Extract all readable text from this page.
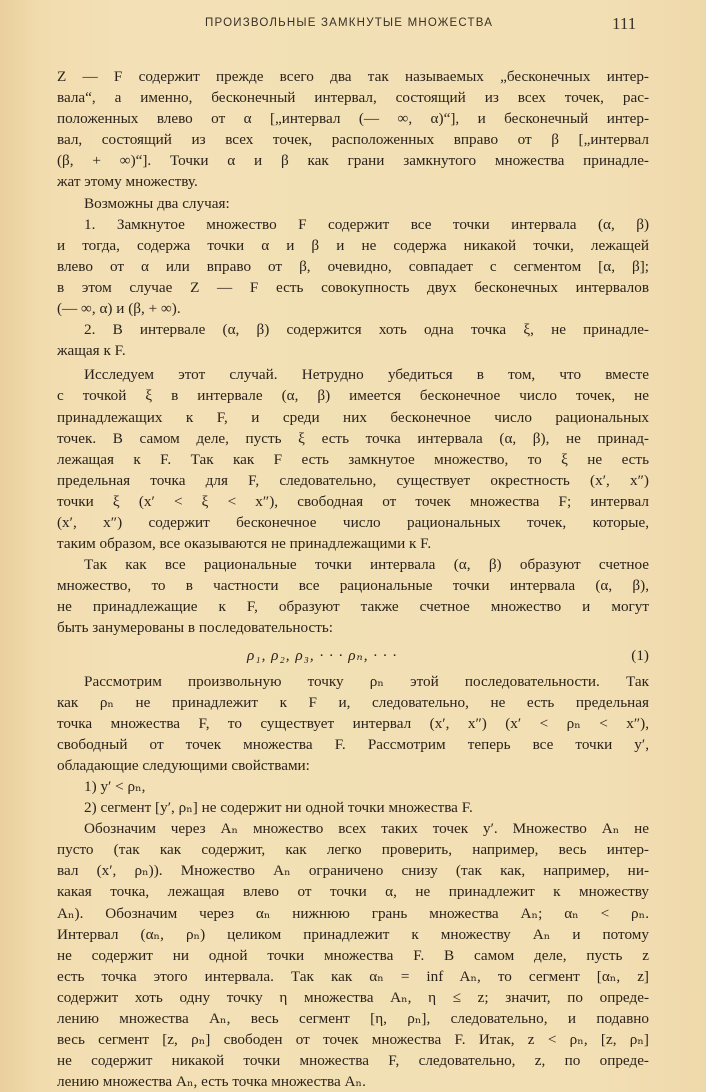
ПРОИЗВОЛЬНЫЕ ЗАМКНУТЫЕ МНОЖЕСТВА	111
Z — F содержит прежде всего два так называемых „бесконечных интер-
вала“, а именно, бесконечный интервал, состоящий из всех точек, рас-
положенных влево от α [„интервал (— ∞, α)“], и бесконечный интер-
вал, состоящий из всех точек, расположенных вправо от β [„интервал
(β, + ∞)“]. Точки α и β как грани замкнутого множества принадле-
жат этому множеству.
Возможны два случая:
1. Замкнутое множество F содержит все точки интервала (α, β)
и тогда, содержа точки α и β и не содержа никакой точки, лежащей
влево от α или вправо от β, очевидно, совпадает с сегментом [α, β];
в этом случае Z — F есть совокупность двух бесконечных интервалов
(— ∞, α) и (β, + ∞).
2. В интервале (α, β) содержится хоть одна точка ξ, не принадле-
жащая к F.
Исследуем этот случай. Нетрудно убедиться в том, что вместе
с точкой ξ в интервале (α, β) имеется бесконечное число точек, не
принадлежащих к F, и среди них бесконечное число рациональных
точек. В самом деле, пусть ξ есть точка интервала (α, β), не принад-
лежащая к F. Так как F есть замкнутое множество, то ξ не есть
предельная точка для F, следовательно, существует окрестность (x′, x″)
точки ξ (x′ < ξ < x″), свободная от точек множества F; интервал
(x′, x″) содержит бесконечное число рациональных точек, которые,
таким образом, все оказываются не принадлежащими к F.
Так как все рациональные точки интервала (α, β) образуют счетное
множество, то в частности все рациональные точки интервала (α, β),
не принадлежащие к F, образуют также счетное множество и могут
быть занумерованы в последовательность:
ρ₁, ρ₂, ρ₃, · · · ρₙ, · · ·	(1)
Рассмотрим произвольную точку ρₙ этой последовательности. Так
как ρₙ не принадлежит к F и, следовательно, не есть предельная
точка множества F, то существует интервал (x′, x″) (x′ < ρₙ < x″),
свободный от точек множества F. Рассмотрим теперь все точки y′,
обладающие следующими свойствами:
1) y′ < ρₙ,
2) сегмент [y′, ρₙ] не содержит ни одной точки множества F.
Обозначим через Aₙ множество всех таких точек y′. Множество Aₙ не
пусто (так как содержит, как легко проверить, например, весь интер-
вал (x′, ρₙ)). Множество Aₙ ограничено снизу (так как, например, ни-
какая точка, лежащая влево от точки α, не принадлежит к множеству
Aₙ). Обозначим через αₙ нижнюю грань множества Aₙ; αₙ < ρₙ.
Интервал (αₙ, ρₙ) целиком принадлежит к множеству Aₙ и потому
не содержит ни одной точки множества F. В самом деле, пусть z
есть точка этого интервала. Так как αₙ = inf Aₙ, то сегмент [αₙ, z]
содержит хоть одну точку η множества Aₙ, η ≤ z; значит, по опреде-
лению множества Aₙ, весь сегмент [η, ρₙ], следовательно, и подавно
весь сегмент [z, ρₙ] свободен от точек множества F. Итак, z < ρₙ, [z, ρₙ]
не содержит никакой точки множества F, следовательно, z, по опреде-
лению множества Aₙ, есть точка множества Aₙ.
